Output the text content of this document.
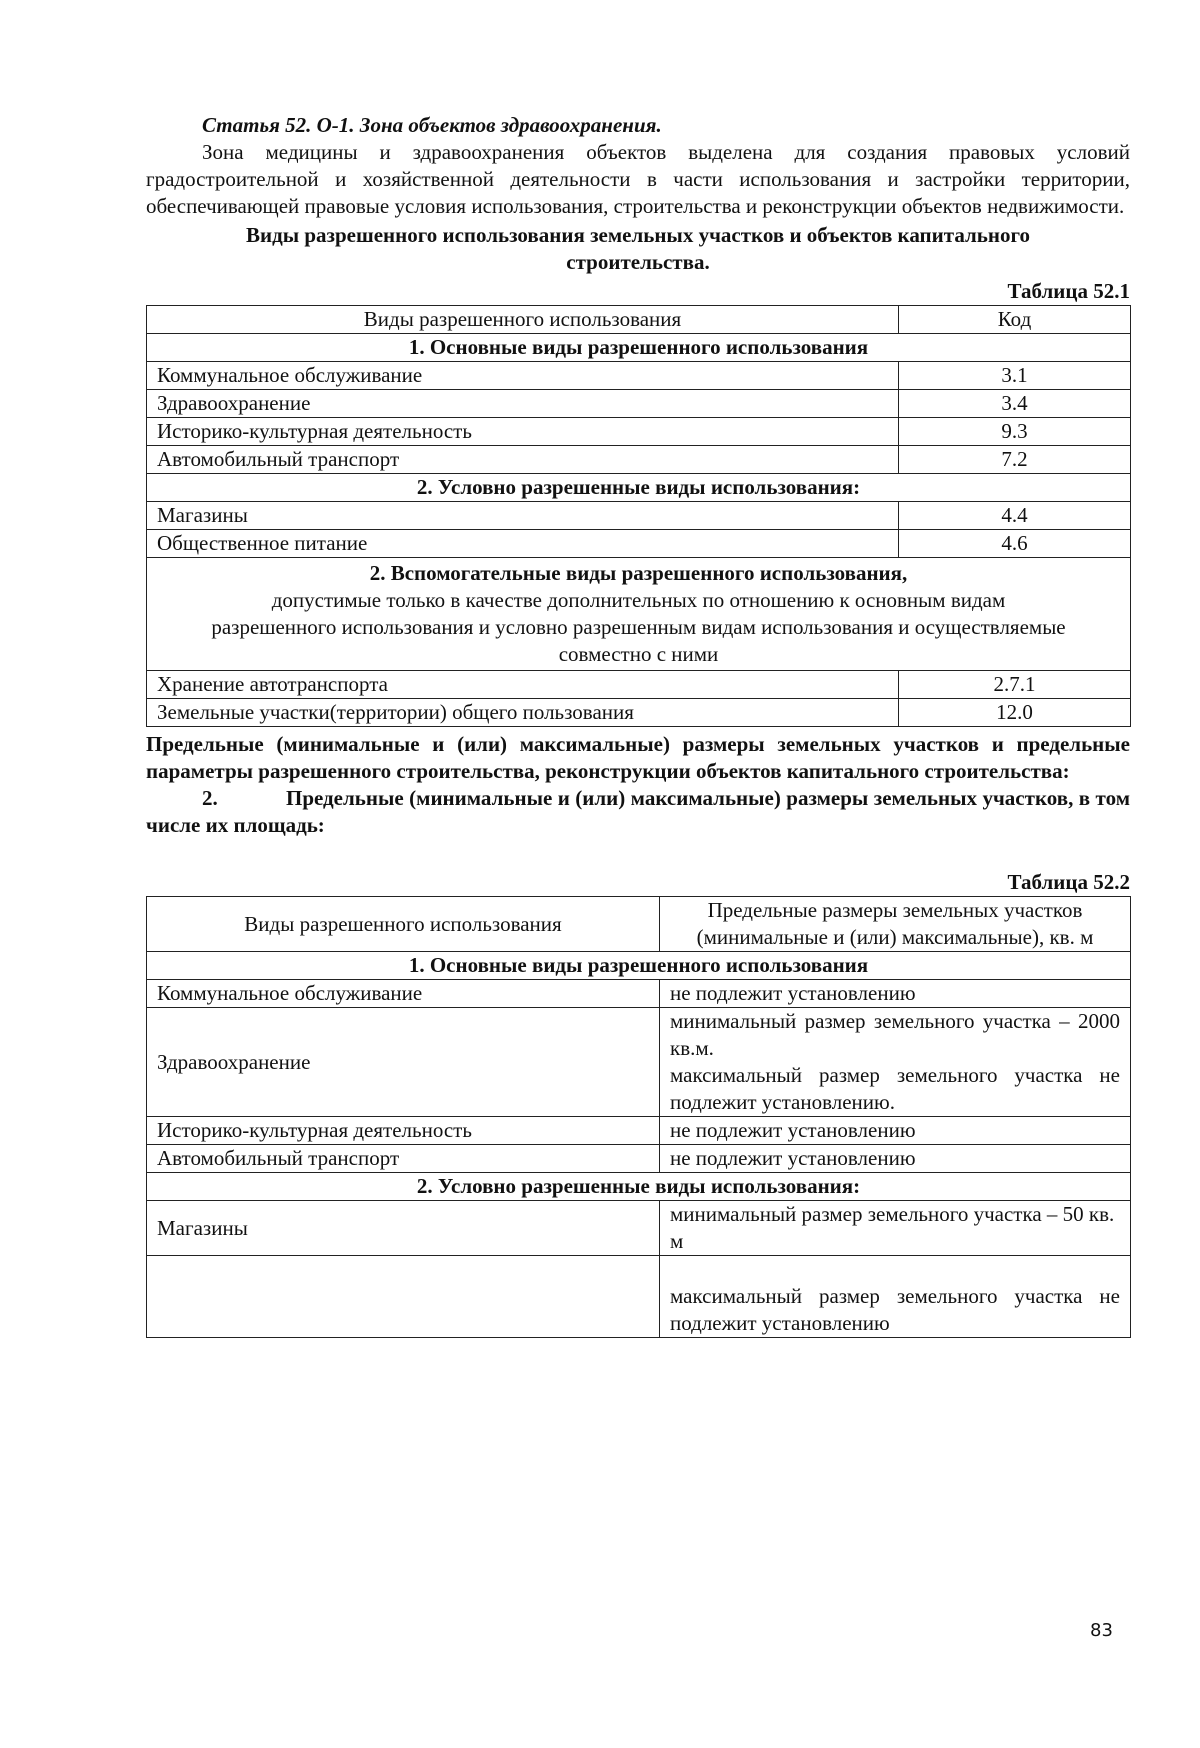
Статья 52. О-1. Зона объектов здравоохранения.
Зона медицины и здравоохранения объектов выделена для создания правовых условий градостроительной и хозяйственной деятельности в части использования и застройки территории, обеспечивающей правовые условия использования, строительства и реконструкции объектов недвижимости.
Виды разрешенного использования земельных участков и объектов капитального строительства.
Таблица 52.1
Виды разрешенного использования	Код
1. Основные виды разрешенного использования	
Коммунальное обслуживание	3.1
Здравоохранение	3.4
Историко-культурная деятельность	9.3
Автомобильный транспорт	7.2
2. Условно разрешенные виды использования:	
Магазины	4.4
Общественное питание	4.6

2. Вспомогательные виды разрешенного использования,
допустимые только в качестве дополнительных по отношению к основным видам разрешенного использования и условно разрешенным видам использования и осуществляемые совместно с ними	

Хранение автотранспорта	2.7.1
Земельные участки(территории) общего пользования	12.0
Предельные (минимальные и (или) максимальные) размеры земельных участков и предельные параметры разрешенного строительства, реконструкции объектов капитального строительства:
2.	Предельные (минимальные и (или) максимальные) размеры земельных участков, в том числе их площадь:
Таблица 52.2
Виды разрешенного использования	Предельные размеры земельных участков (минимальные и (или) максимальные), кв. м
1. Основные виды разрешенного использования	
Коммунальное обслуживание	не подлежит установлению
Здравоохранение	минимальный размер земельного участка – 2000 кв.м.
максимальный размер земельного участка не подлежит установлению.

Историко-культурная деятельность	не подлежит установлению
Автомобильный транспорт	не подлежит установлению
2. Условно разрешенные виды использования:	
Магазины	минимальный размер земельного участка – 50 кв. м
	максимальный размер земельного участка не подлежит установлению
83
